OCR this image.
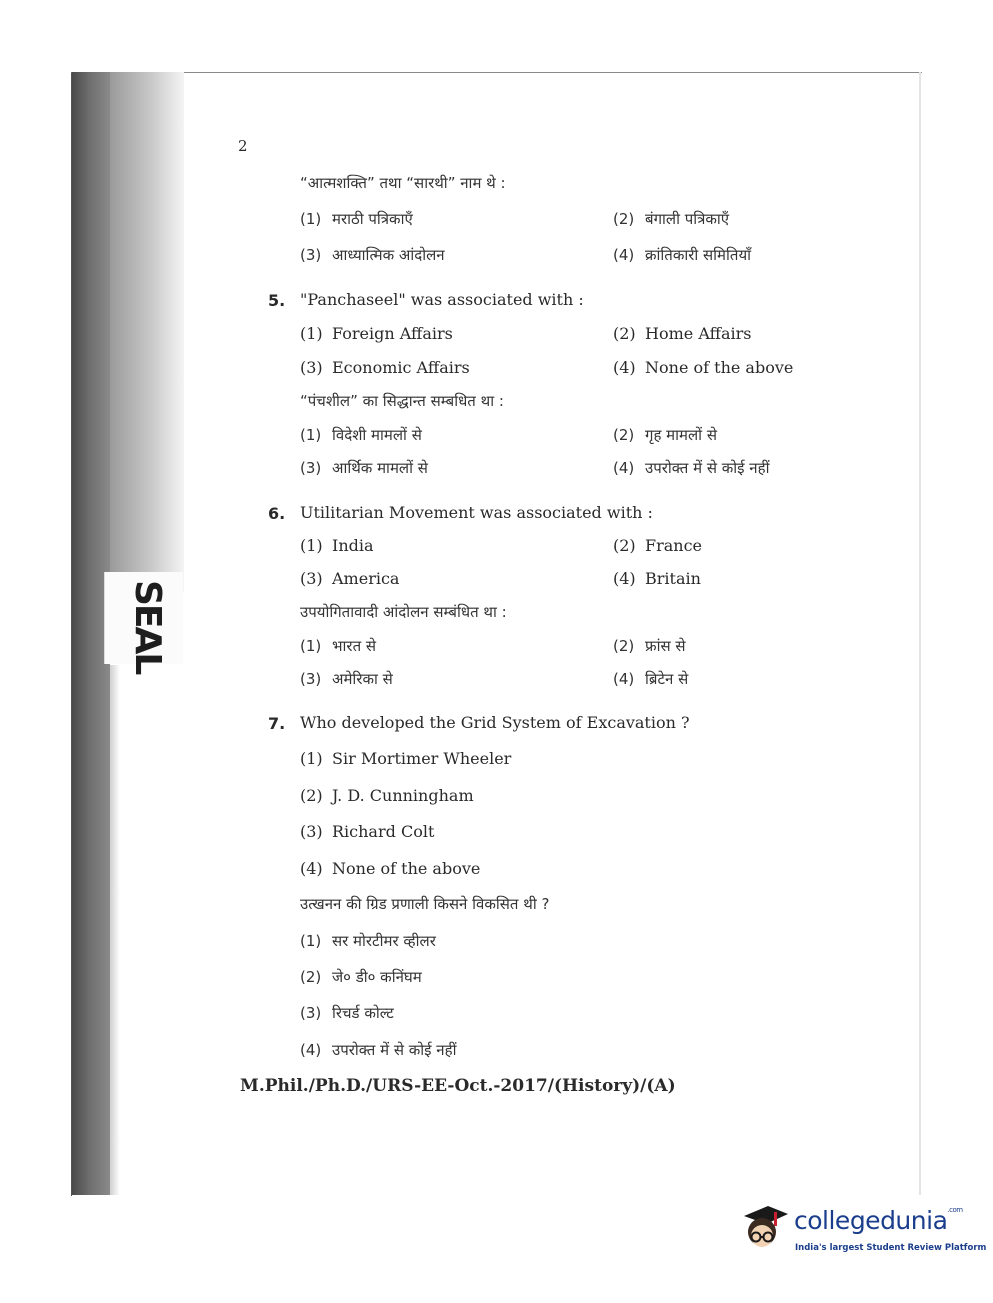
SEAL
2
“आत्मशक्ति” तथा “सारथी” नाम थे :
(1) मराठी पत्रिकाएँ	(2) बंगाली पत्रिकाएँ
(3) आध्यात्मिक आंदोलन	(4) क्रांतिकारी समितियाँ
5. "Panchaseel" was associated with :
(1) Foreign Affairs	(2) Home Affairs
(3) Economic Affairs	(4) None of the above
“पंचशील” का सिद्धान्त सम्बधित था :
(1) विदेशी मामलों से	(2) गृह मामलों से
(3) आर्थिक मामलों से	(4) उपरोक्त में से कोई नहीं
6. Utilitarian Movement was associated with :
(1) India	(2) France
(3) America	(4) Britain
उपयोगितावादी आंदोलन सम्बंधित था :
(1) भारत से	(2) फ्रांस से
(3) अमेरिका से	(4) ब्रिटेन से
7. Who developed the Grid System of Excavation ?
(1) Sir Mortimer Wheeler
(2) J. D. Cunningham
(3) Richard Colt
(4) None of the above
उत्खनन की ग्रिड प्रणाली किसने विकसित थी ?
(1) सर मोरटीमर व्हीलर
(2) जे० डी० कनिंघम
(3) रिचर्ड कोल्ट
(4) उपरोक्त में से कोई नहीं
M.Phil./Ph.D./URS-EE-Oct.-2017/(History)/(A)
collegedunia$^{.com}$
India's largest Student Review Platform
